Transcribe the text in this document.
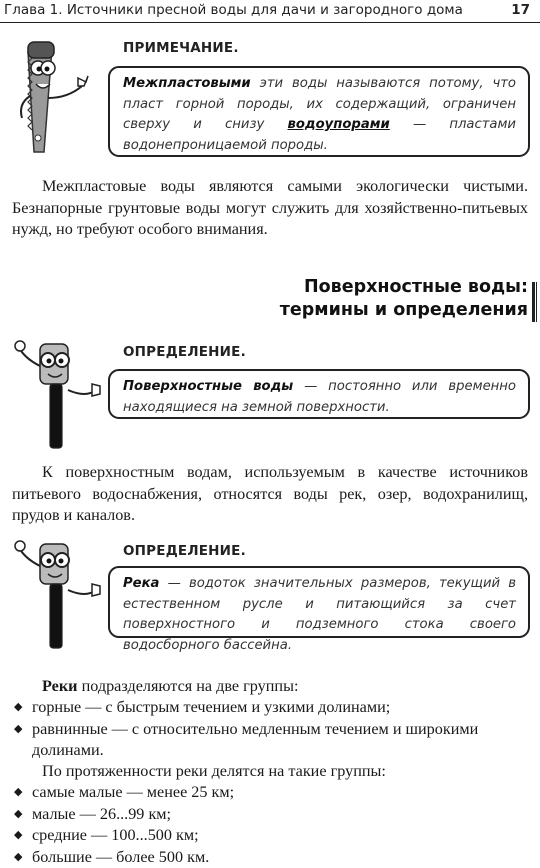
Глава 1. Источники пресной воды для дачи и загородного дома	17
ПРИМЕЧАНИЕ.
Межпластовыми эти воды называются потому, что пласт горной породы, их содержащий, ограничен сверху и снизу водоупорами — пластами водонепроницаемой породы.
Межпластовые воды являются самыми экологически чистыми. Безнапорные грунтовые воды могут служить для хозяйственно-питьевых нужд, но требуют особого внимания.
Поверхностные воды:
термины и определения
ОПРЕДЕЛЕНИЕ.
Поверхностные воды — постоянно или временно находящиеся на земной поверхности.
К поверхностным водам, используемым в качестве источников питьевого водоснабжения, относятся воды рек, озер, водохранилищ, прудов и каналов.
ОПРЕДЕЛЕНИЕ.
Река — водоток значительных размеров, текущий в естественном русле и питающийся за счет поверхностного и подземного стока своего водосборного бассейна.
Реки подразделяются на две группы:
◆ горные — с быстрым течением и узкими долинами;
◆ равнинные — с относительно медленным течением и широкими долинами.
По протяженности реки делятся на такие группы:
◆ самые малые — менее 25 км;
◆ малые — 26...99 км;
◆ средние — 100...500 км;
◆ большие — более 500 км.
